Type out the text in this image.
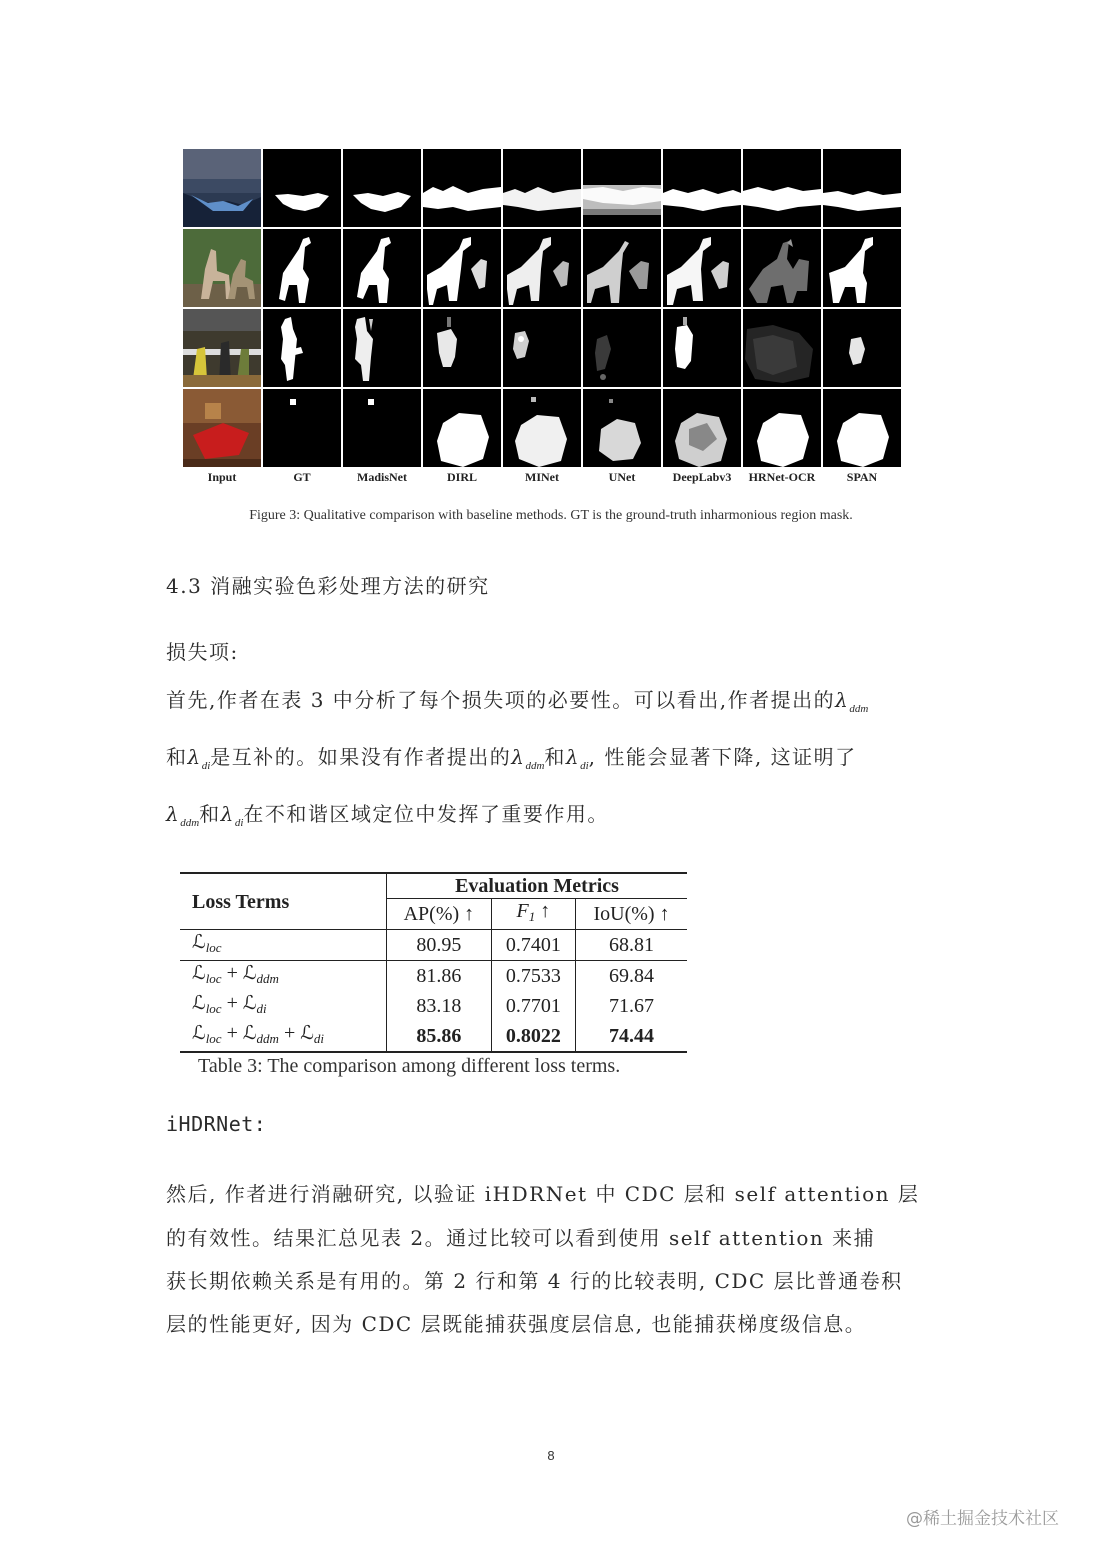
Input	GT	MadisNet	DIRL	MINet	UNet	DeepLabv3	HRNet-OCR	SPAN
Figure 3: Qualitative comparison with baseline methods. GT is the ground-truth inharmonious region mask.
4.3 消融实验色彩处理方法的研究
损失项:
首先,作者在表 3 中分析了每个损失项的必要性。可以看出,作者提出的$\lambda_{ddm}$
和$\lambda_{di}$是互补的。如果没有作者提出的$\lambda_{ddm}$和$\lambda_{di}$, 性能会显著下降, 这证明了
$\lambda_{ddm}$和$\lambda_{di}$在不和谐区域定位中发挥了重要作用。
Loss Terms	Evaluation Metrics		
	AP(%) ↑	$F_1$ ↑	IoU(%) ↑
ℒ$_{loc}$	80.95	0.7401	68.81
ℒ$_{loc}$ + ℒ$_{ddm}$	81.86	0.7533	69.84
ℒ$_{loc}$ + ℒ$_{di}$	83.18	0.7701	71.67
ℒ$_{loc}$ + ℒ$_{ddm}$ + ℒ$_{di}$	85.86	0.8022	74.44
Table 3: The comparison among different loss terms.
iHDRNet:
然后, 作者进行消融研究, 以验证 iHDRNet 中 CDC 层和 self attention 层
的有效性。结果汇总见表 2。通过比较可以看到使用 self attention 来捕
获长期依赖关系是有用的。第 2 行和第 4 行的比较表明, CDC 层比普通卷积
层的性能更好, 因为 CDC 层既能捕获强度层信息, 也能捕获梯度级信息。
8
@稀土掘金技术社区
